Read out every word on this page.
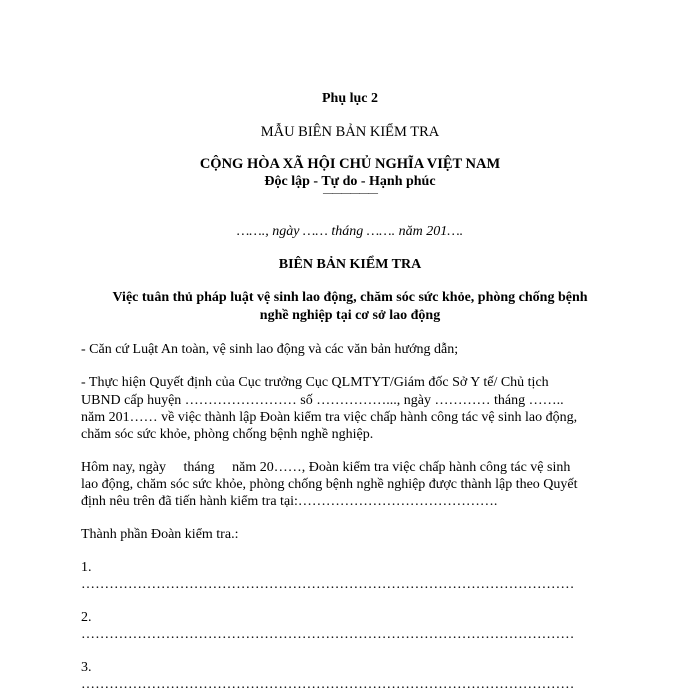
Phụ lục 2
MẪU BIÊN BẢN KIỂM TRA
CỘNG HÒA XÃ HỘI CHỦ NGHĨA VIỆT NAM
Độc lập - Tự do - Hạnh phúc
——————
……., ngày …… tháng ……. năm 201….
BIÊN BẢN KIỂM TRA
Việc tuân thủ pháp luật vệ sinh lao động, chăm sóc sức khỏe, phòng chống bệnh
nghề nghiệp tại cơ sở lao động
- Căn cứ Luật An toàn, vệ sinh lao động và các văn bản hướng dẫn;
- Thực hiện Quyết định của Cục trưởng Cục QLMTYT/Giám đốc Sở Y tế/ Chủ tịch
UBND cấp huyện …………………… số ……………..., ngày ………… tháng ……..
năm 201…… về việc thành lập Đoàn kiểm tra việc chấp hành công tác vệ sinh lao động,
chăm sóc sức khỏe, phòng chống bệnh nghề nghiệp.
Hôm nay, ngày     tháng     năm 20……, Đoàn kiểm tra việc chấp hành công tác vệ sinh
lao động, chăm sóc sức khỏe, phòng chống bệnh nghề nghiệp được thành lập theo Quyết
định nêu trên đã tiến hành kiểm tra tại:…………………………………….
Thành phần Đoàn kiểm tra.:
1.
……………………………………………………………………………………………
2.
……………………………………………………………………………………………
3.
……………………………………………………………………………………………
